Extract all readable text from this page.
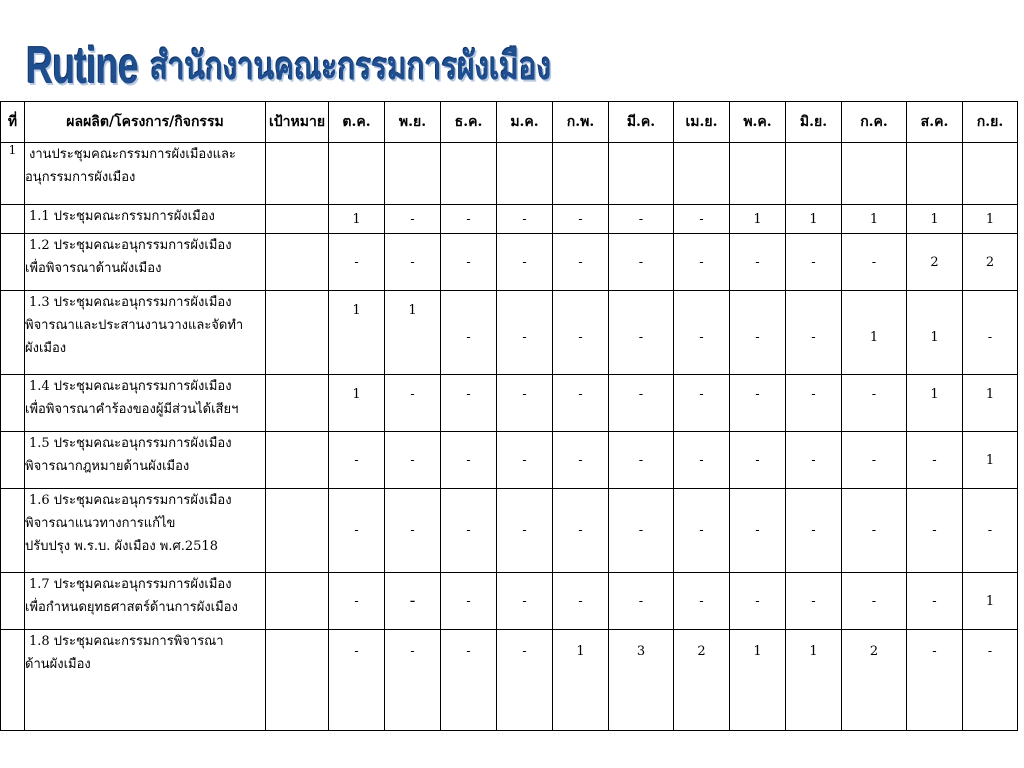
Rutine สำนักงานคณะกรรมการผังเมือง
ที่	ผลผลิต/โครงการ/กิจกรรม	เป้าหมาย	ต.ค.	พ.ย.	ธ.ค.	ม.ค.	ก.พ.	มี.ค.	เม.ย.	พ.ค.	มิ.ย.	ก.ค.	ส.ค.	ก.ย.
1	งานประชุมคณะกรรมการผังเมืองและ
อนุกรรมการผังเมือง													

	1.1 ประชุมคณะกรรมการผังเมือง		1	-	-	-	-	-	-	1	1	1	1	1

	1.2 ประชุมคณะอนุกรรมการผังเมือง
เพื่อพิจารณาด้านผังเมือง		-	-	-	-	-	-	-	-	-	-	2	2

	1.3 ประชุมคณะอนุกรรมการผังเมือง
พิจารณาและประสานงานวางและจัดทำ
ผังเมือง		1	1	-	-	-	-	-	-	-	1	1	-

	1.4 ประชุมคณะอนุกรรมการผังเมือง
เพื่อพิจารณาคำร้องของผู้มีส่วนได้เสียฯ		1	-	-	-	-	-	-	-	-	-	1	1

	1.5 ประชุมคณะอนุกรรมการผังเมือง
พิจารณากฎหมายด้านผังเมือง		-	-	-	-	-	-	-	-	-	-	-	1

	1.6 ประชุมคณะอนุกรรมการผังเมือง
พิจารณาแนวทางการแก้ไข
ปรับปรุง พ.ร.บ. ผังเมือง พ.ศ.2518		-	-	-	-	-	-	-	-	-	-	-	-

	1.7 ประชุมคณะอนุกรรมการผังเมือง
เพื่อกำหนดยุทธศาสตร์ด้านการผังเมือง		-	-	-	-	-	-	-	-	-	-	-	1

	1.8 ประชุมคณะกรรมการพิจารณา
ด้านผังเมือง		-	-	-	-	1	3	2	1	1	2	-	-
